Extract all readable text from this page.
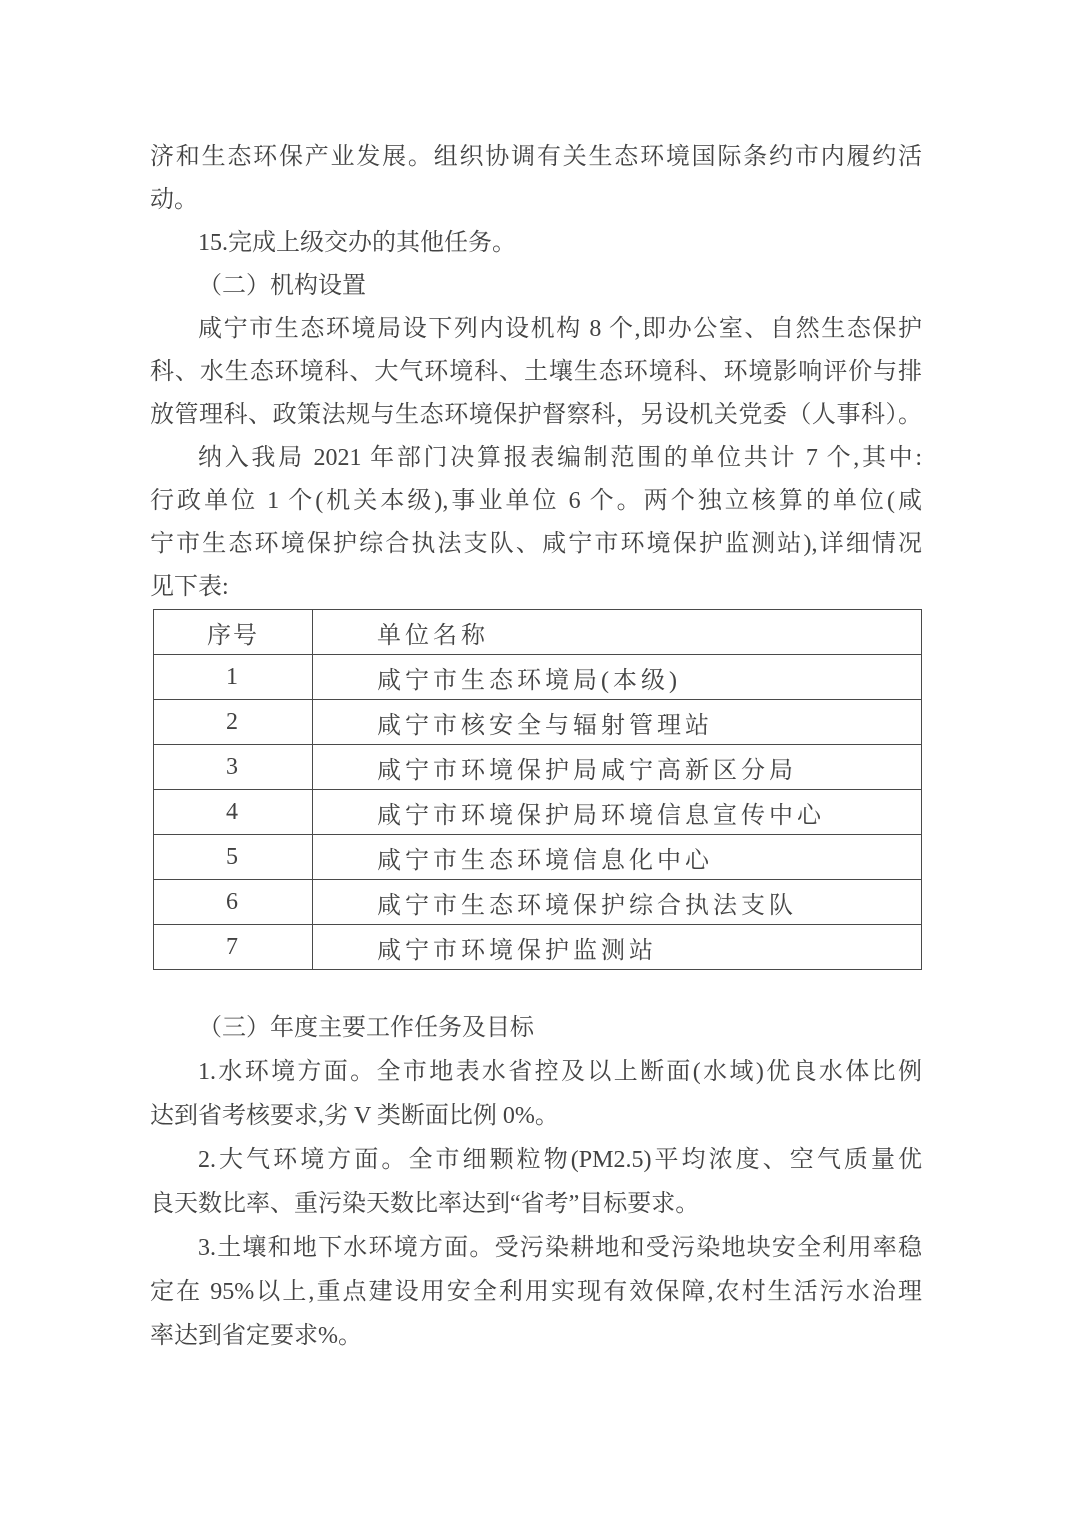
济和生态环保产业发展。组织协调有关生态环境国际条约市内履约活
动。
15.完成上级交办的其他任务。
（二）机构设置
咸宁市生态环境局设下列内设机构 8 个,即办公室、自然生态保护
科、水生态环境科、大气环境科、土壤生态环境科、环境影响评价与排
放管理科、政策法规与生态环境保护督察科，另设机关党委（人事科）。
纳入我局 2021 年部门决算报表编制范围的单位共计 7 个,其中:
行政单位 1 个(机关本级),事业单位 6 个。两个独立核算的单位(咸
宁市生态环境保护综合执法支队、咸宁市环境保护监测站),详细情况
见下表:
序号	单位名称
1	咸宁市生态环境局(本级)
2	咸宁市核安全与辐射管理站
3	咸宁市环境保护局咸宁高新区分局
4	咸宁市环境保护局环境信息宣传中心
5	咸宁市生态环境信息化中心
6	咸宁市生态环境保护综合执法支队
7	咸宁市环境保护监测站
（三）年度主要工作任务及目标
1.水环境方面。全市地表水省控及以上断面(水域)优良水体比例
达到省考核要求,劣 V 类断面比例 0%。
2.大气环境方面。全市细颗粒物(PM2.5)平均浓度、空气质量优
良天数比率、重污染天数比率达到“省考”目标要求。
3.土壤和地下水环境方面。受污染耕地和受污染地块安全利用率稳
定在 95%以上,重点建设用安全利用实现有效保障,农村生活污水治理
率达到省定要求%。
